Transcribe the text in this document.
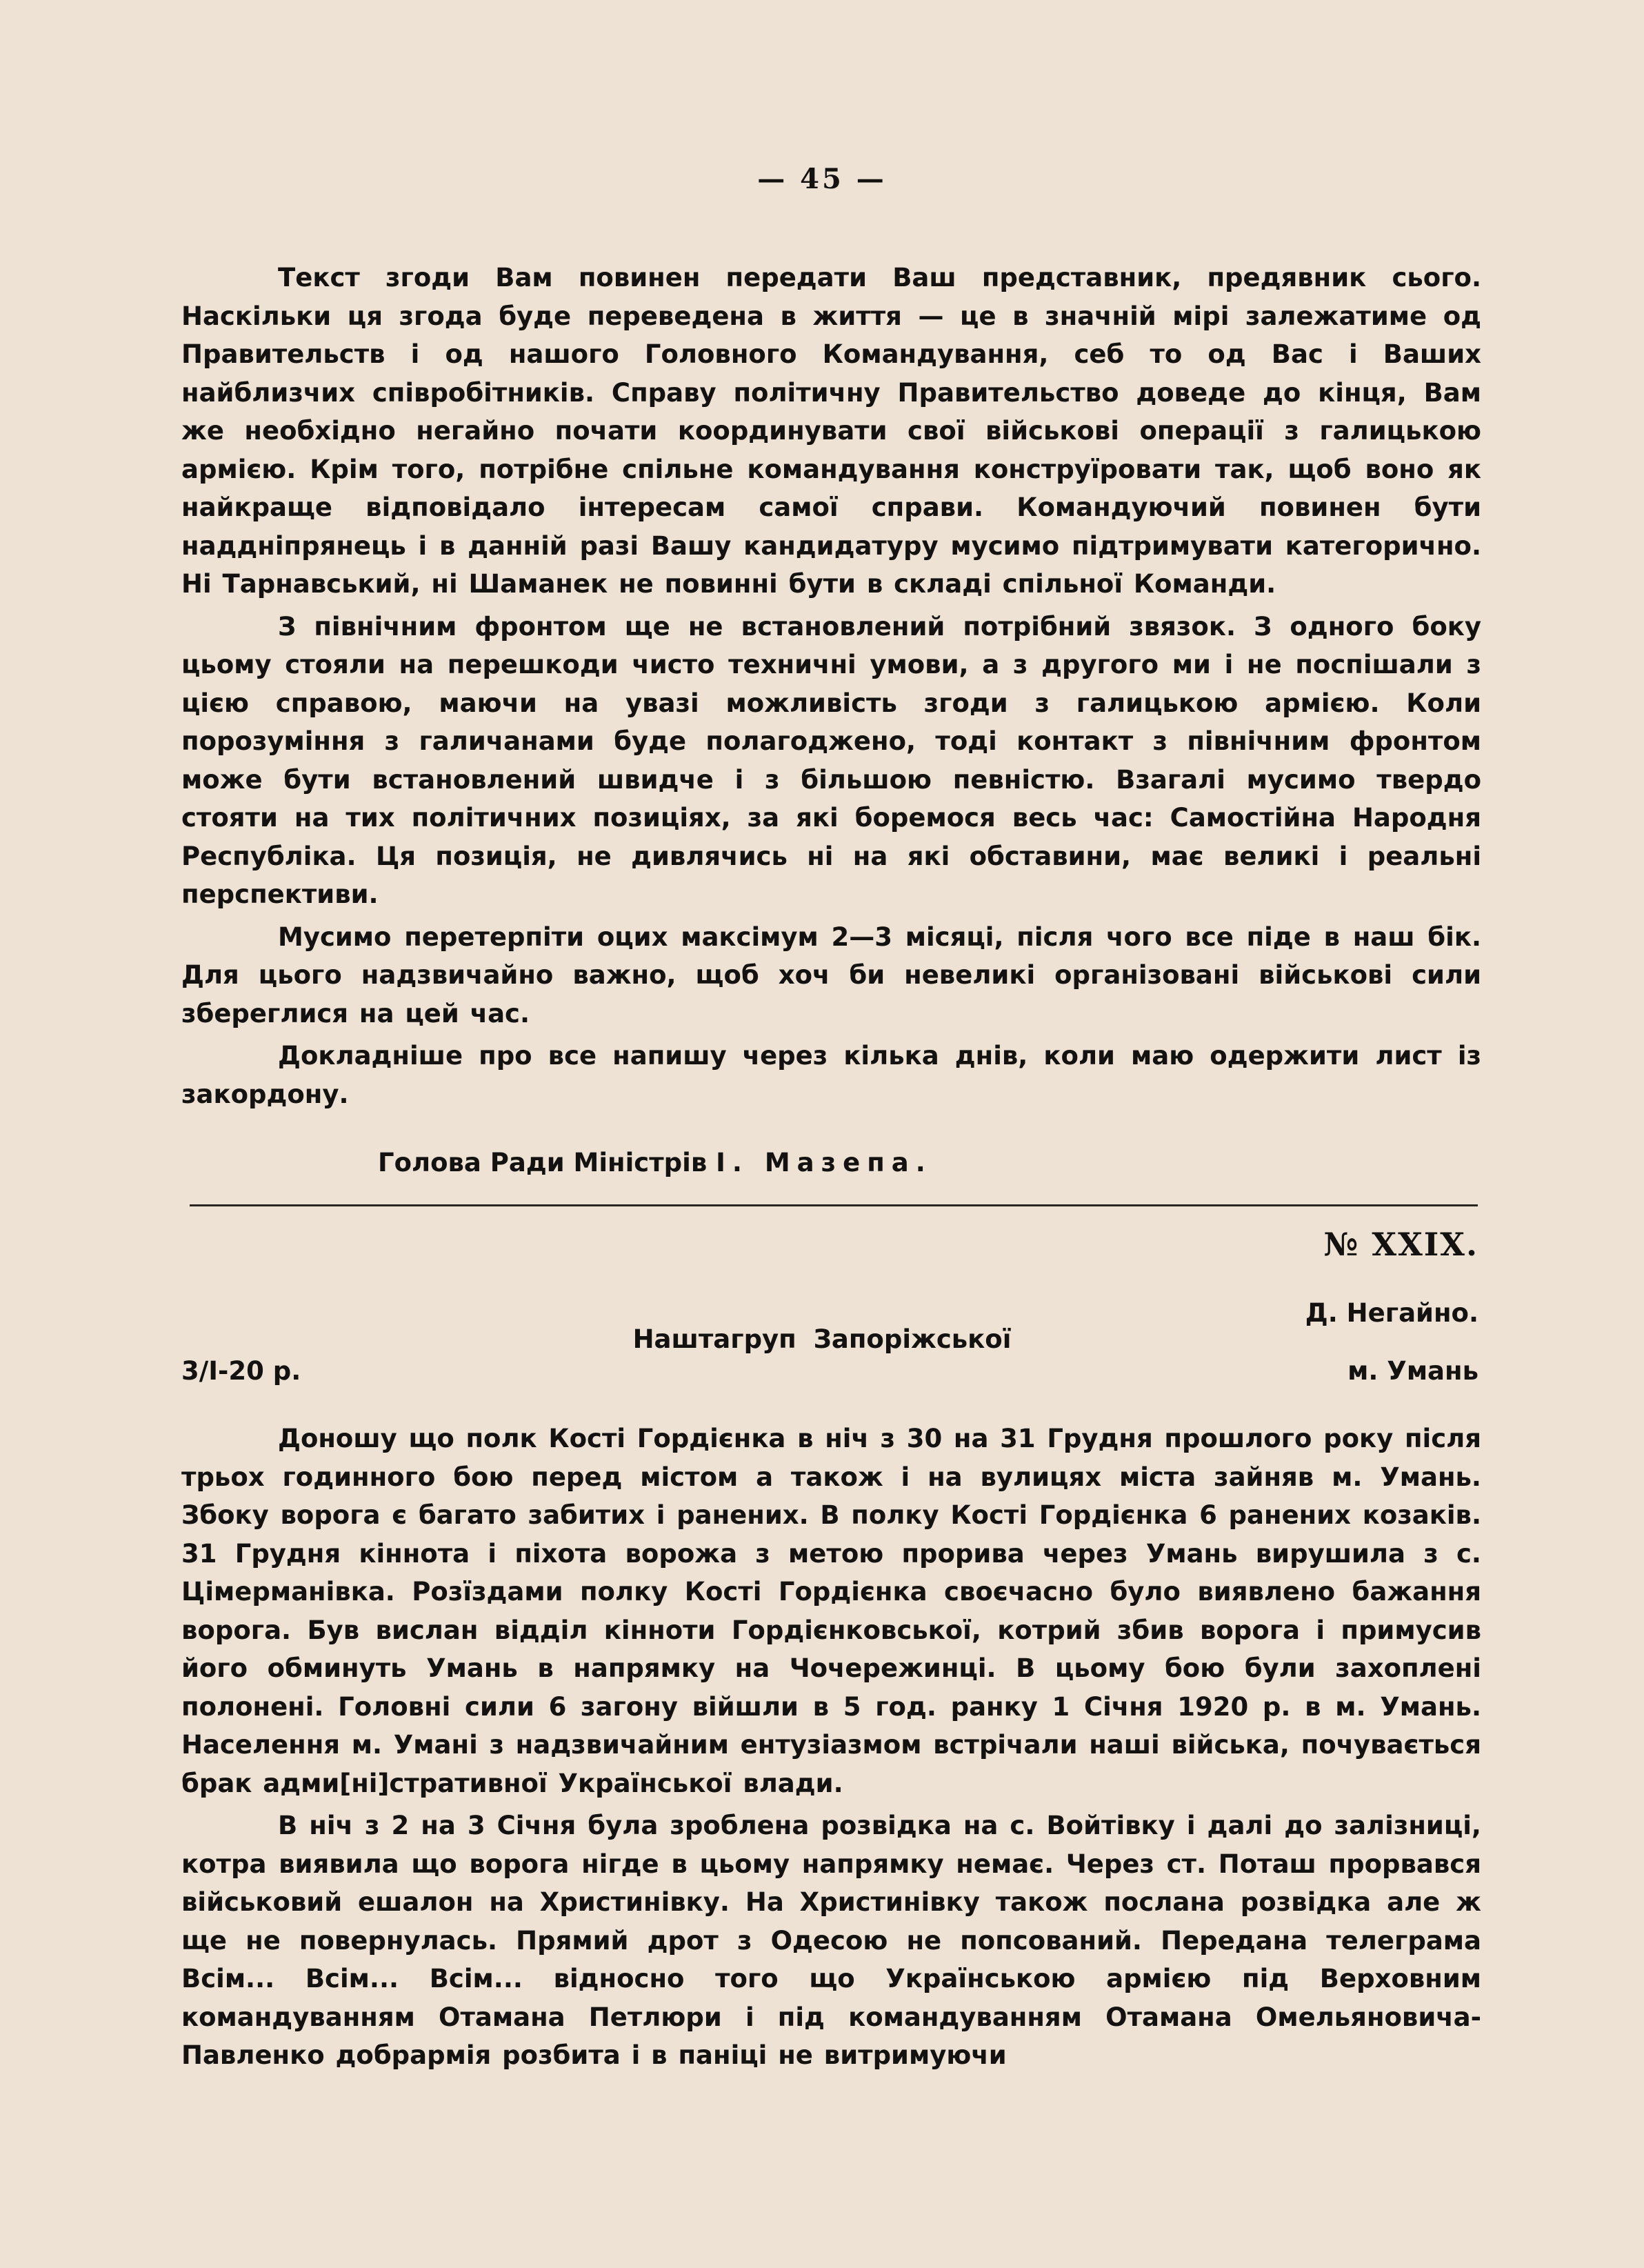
— 45 —

Текст згоди Вам повинен передати Ваш представник, предявник сього. Наскільки ця згода буде переведена в життя — це в значній мірі залежатиме од Правительств і од нашого Головного Командування, себ то од Вас і Ваших найблизчих співробітників. Справу політичну Правительство доведе до кінця, Вам же необхідно негайно почати координувати свої військові операції з галицькою армією. Крім того, потрібне спільне командування конструїровати так, щоб воно як найкраще відповідало інтересам самої справи. Командуючий повинен бути наддніпрянець і в данній разі Вашу кандидатуру мусимо підтримувати категорично. Ні Тарнавський, ні Шаманек не повинні бути в складі спільної Команди.

З північним фронтом ще не встановлений потрібний звязок. З одного боку цьому стояли на перешкоди чисто техничні умови, а з другого ми і не поспішали з цією справою, маючи на увазі можливість згоди з галицькою армією. Коли порозуміння з галичанами буде полагоджено, тоді контакт з північним фронтом може бути встановлений швидче і з більшою певністю. Взагалі мусимо твердо стояти на тих політичних позиціях, за які боремося весь час: Самостійна Народня Республіка. Ця позиція, не дивлячись ні на які обставини, має великі і реальні перспективи.

Мусимо перетерпіти оцих максімум 2—3 місяці, після чого все піде в наш бік. Для цього надзвичайно важно, щоб хоч би невеликі організовані військові сили збереглися на цей час.

Докладніше про все напишу через кілька днів, коли маю одержити лист із закордону.

Голова Ради Міністрів І. Мазепа.
№ XXIX.
Д. Негайно.
Наштагруп Запоріжської
3/І-20 р.	м. Умань

Доношу що полк Кості Гордієнка в ніч з 30 на 31 Грудня прошлого року після трьох годинного бою перед містом а також і на вулицях міста зайняв м. Умань. Збоку ворога є багато забитих і ранених. В полку Кості Гордієнка 6 ранених козаків. 31 Грудня кіннота і піхота ворожа з метою прорива через Умань вирушила з с. Цімерманівка. Розїздами полку Кості Гордієнка своєчасно було виявлено бажання ворога. Був вислан відділ кінноти Гордієнковської, котрий збив ворога і примусив його обминуть Умань в напрямку на Чочережинці. В цьому бою були захоплені полонені. Головні сили 6 загону війшли в 5 год. ранку 1 Січня 1920 р. в м. Умань. Населення м. Умані з надзвичайним ентузіазмом встрічали наші війська, почувається брак адми[ні]стративної Української влади.

В ніч з 2 на 3 Січня була зроблена розвідка на с. Войтівку і далі до залізниці, котра виявила що ворога нігде в цьому напрямку немає. Через ст. Поташ прорвався військовий ешалон на Христинівку. На Христинівку також послана розвідка але ж ще не повернулась. Прямий дрот з Одесою не попсований. Передана телеграма Всім... Всім... Всім... відносно того що Українською армією під Верховним командуванням Отамана Петлюри і під командуванням Отамана Омельяновича-Павленко добрармія розбита і в паніці не витримуючи
